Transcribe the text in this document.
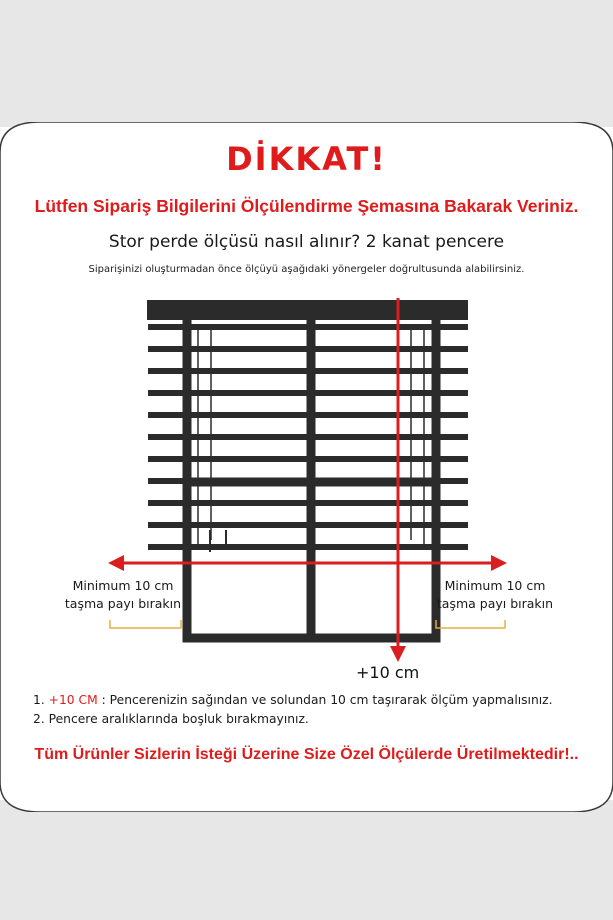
DİKKAT!
Lütfen Sipariş Bilgilerini Ölçülendirme Şemasına Bakarak Veriniz.
Stor perde ölçüsü nasıl alınır? 2 kanat pencere
Siparişinizi oluşturmadan önce ölçüyü aşağıdaki yönergeler doğrultusunda alabilirsiniz.
Minimum 10 cm
taşma payı bırakın
Minimum 10 cm
taşma payı bırakın
+10 cm
1. +10 CM : Pencerenizin sağından ve solundan 10 cm taşırarak ölçüm yapmalısınız.
2. Pencere aralıklarında boşluk bırakmayınız.
Tüm Ürünler Sizlerin İsteği Üzerine Size Özel Ölçülerde Üretilmektedir!..
